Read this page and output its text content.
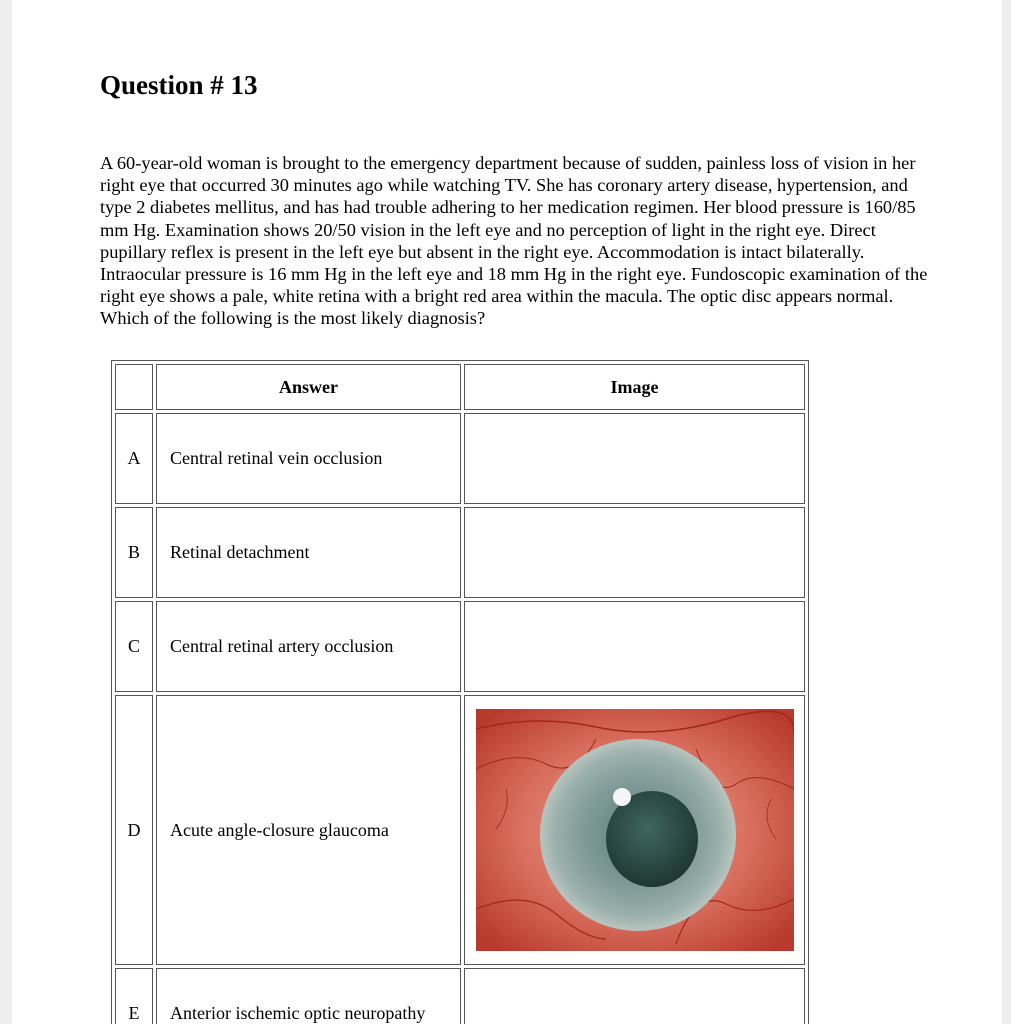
Question # 13

A 60-year-old woman is brought to the emergency department because of sudden, painless loss of vision in her right eye that occurred 30 minutes ago while watching TV. She has coronary artery disease, hypertension, and type 2 diabetes mellitus, and has had trouble adhering to her medication regimen. Her blood pressure is 160/85 mm Hg. Examination shows 20/50 vision in the left eye and no perception of light in the right eye. Direct pupillary reflex is present in the left eye but absent in the right eye. Accommodation is intact bilaterally. Intraocular pressure is 16 mm Hg in the left eye and 18 mm Hg in the right eye. Fundoscopic examination of the right eye shows a pale, white retina with a bright red area within the macula. The optic disc appears normal. Which of the following is the most likely diagnosis?

	Answer	Image
A	Central retinal vein occlusion	
B	Retinal detachment	
C	Central retinal artery occlusion	
D	Acute angle-closure glaucoma	

E	Anterior ischemic optic neuropathy	
